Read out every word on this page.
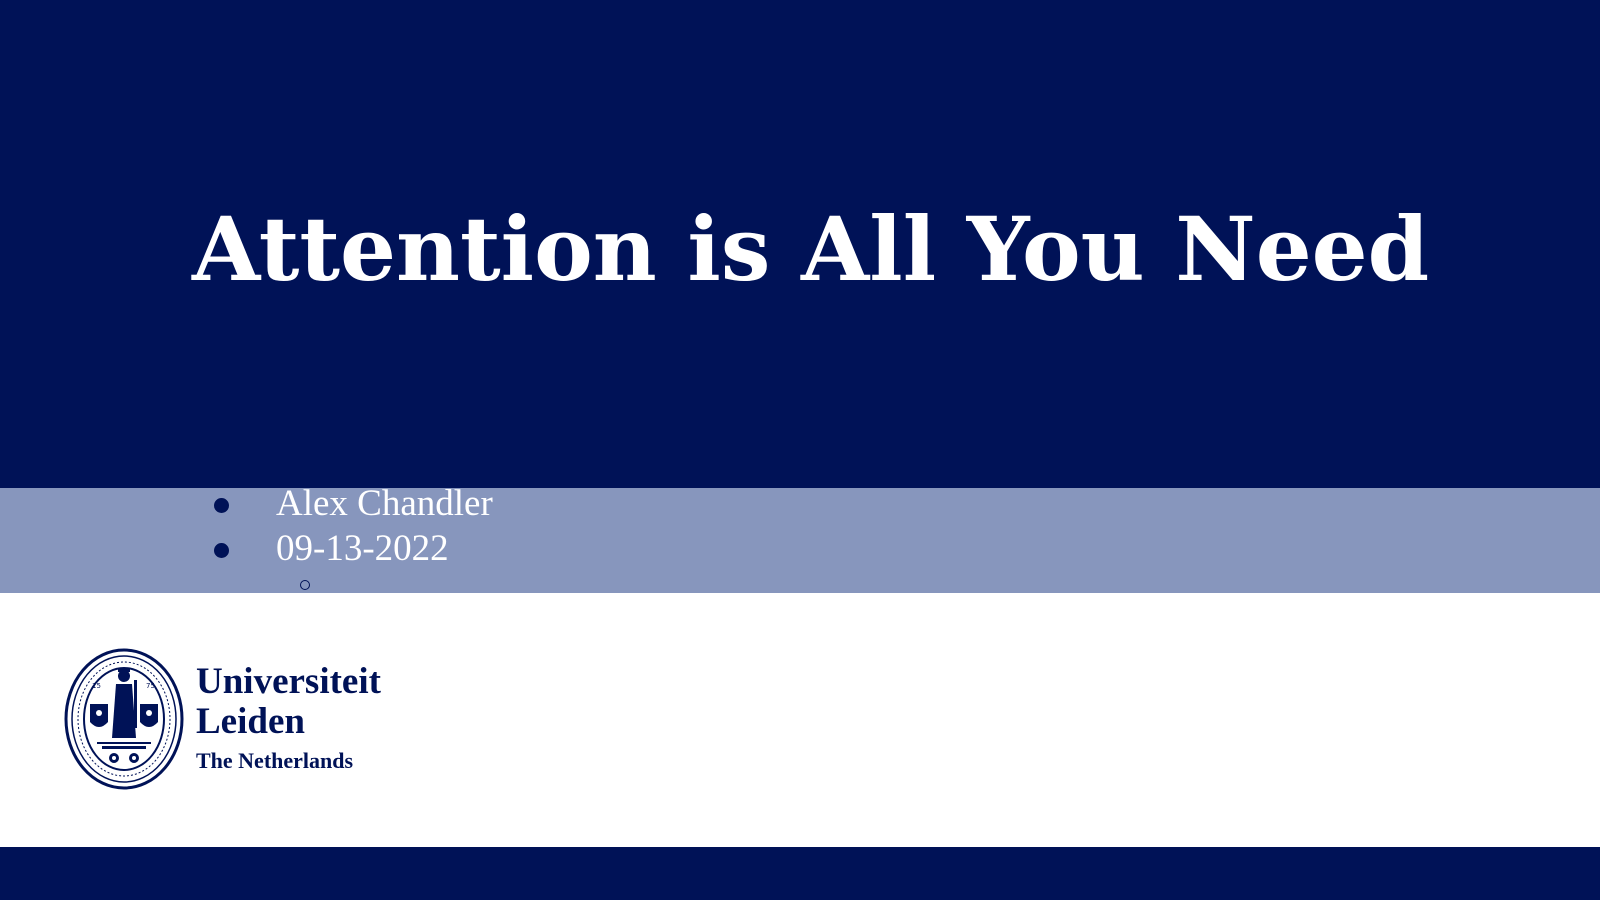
Attention is All You Need
Alex Chandler
09-13-2022
15	75 Universiteit
Leiden
The Netherlands
